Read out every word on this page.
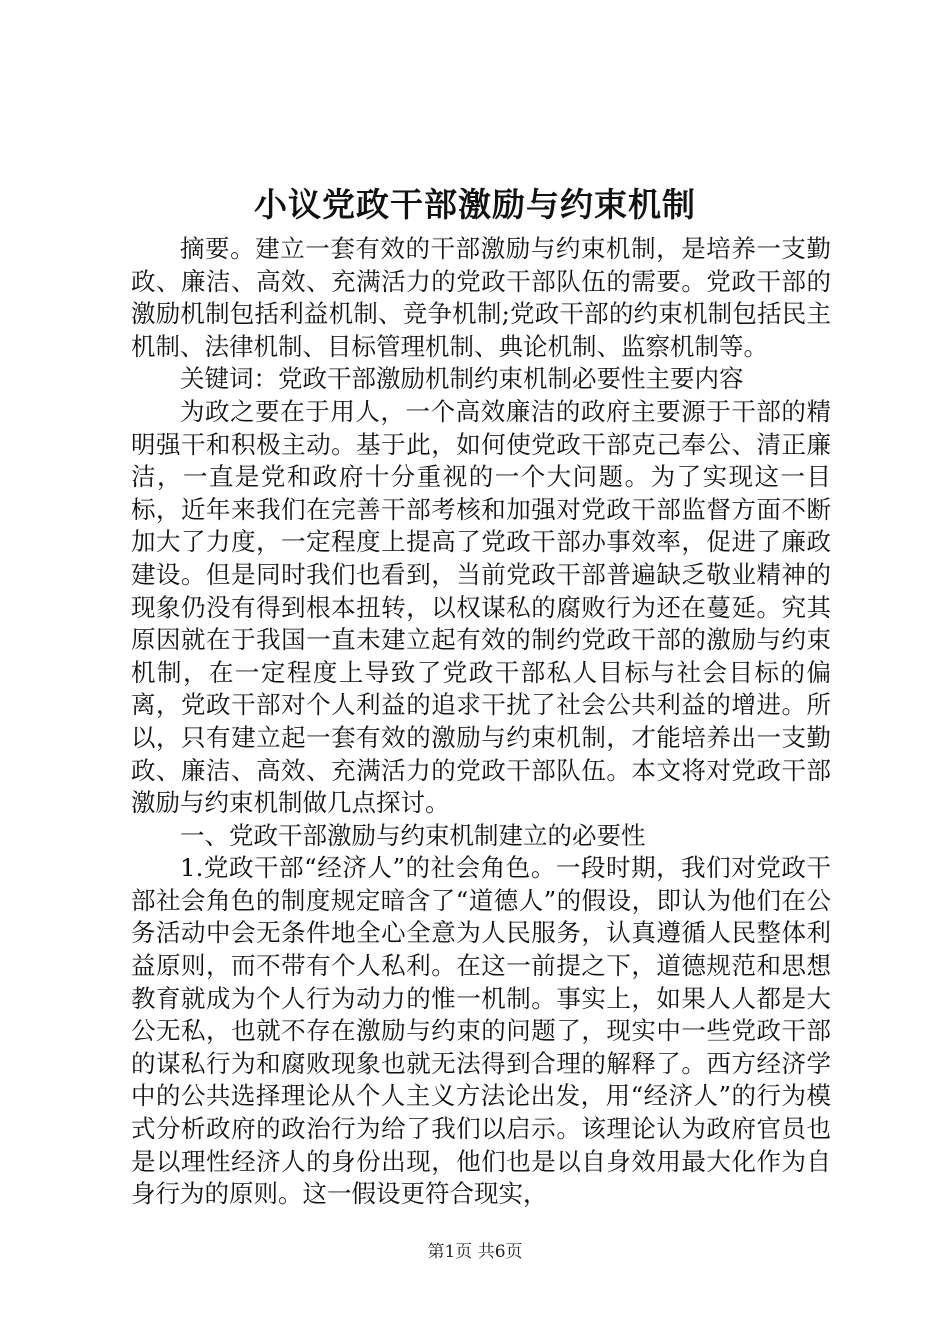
小议党政干部激励与约束机制

摘要。建立一套有效的干部激励与约束机制，是培养一支勤政、廉洁、高效、充满活力的党政干部队伍的需要。党政干部的激励机制包括利益机制、竞争机制;党政干部的约束机制包括民主机制、法律机制、目标管理机制、典论机制、监察机制等。

关键词：党政干部激励机制约束机制必要性主要内容

为政之要在于用人，一个高效廉洁的政府主要源于干部的精明强干和积极主动。基于此，如何使党政干部克己奉公、清正廉洁，一直是党和政府十分重视的一个大问题。为了实现这一目标，近年来我们在完善干部考核和加强对党政干部监督方面不断加大了力度，一定程度上提高了党政干部办事效率，促进了廉政建设。但是同时我们也看到，当前党政干部普遍缺乏敬业精神的现象仍没有得到根本扭转，以权谋私的腐败行为还在蔓延。究其原因就在于我国一直未建立起有效的制约党政干部的激励与约束机制，在一定程度上导致了党政干部私人目标与社会目标的偏离，党政干部对个人利益的追求干扰了社会公共利益的增进。所以，只有建立起一套有效的激励与约束机制，才能培养出一支勤政、廉洁、高效、充满活力的党政干部队伍。本文将对党政干部激励与约束机制做几点探讨。

一、党政干部激励与约束机制建立的必要性

1.党政干部“经济人”的社会角色。一段时期，我们对党政干部社会角色的制度规定暗含了“道德人”的假设，即认为他们在公务活动中会无条件地全心全意为人民服务，认真遵循人民整体利益原则，而不带有个人私利。在这一前提之下，道德规范和思想教育就成为个人行为动力的惟一机制。事实上，如果人人都是大公无私，也就不存在激励与约束的问题了，现实中一些党政干部的谋私行为和腐败现象也就无法得到合理的解释了。西方经济学中的公共选择理论从个人主义方法论出发，用“经济人”的行为模式分析政府的政治行为给了我们以启示。该理论认为政府官员也是以理性经济人的身份出现，他们也是以自身效用最大化作为自身行为的原则。这一假设更符合现实，

第1页 共6页
